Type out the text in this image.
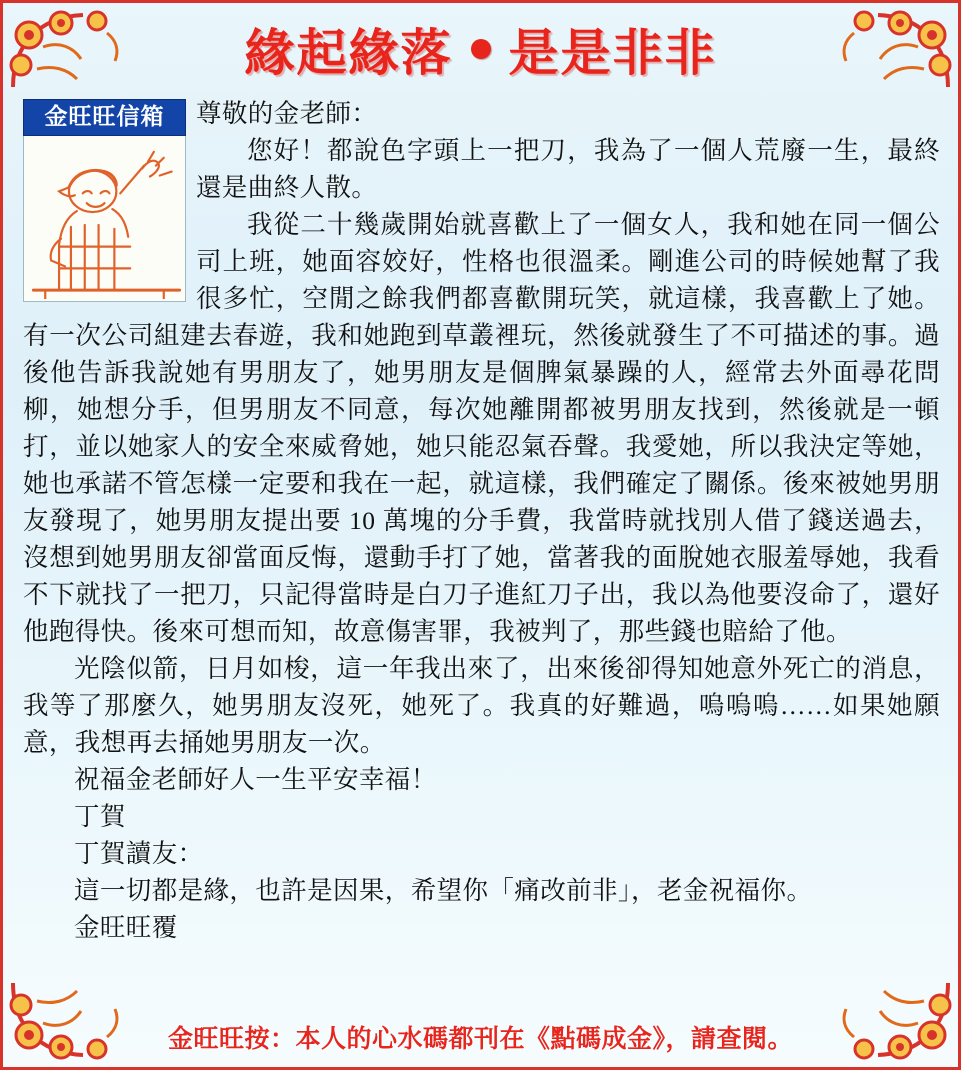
緣起緣落 是是非非
金旺旺信箱	尊敬的金老師：

您好！都說色字頭上一把刀，我為了一個人荒廢一生，最終還是曲終人散。

我從二十幾歲開始就喜歡上了一個女人，我和她在同一個公司上班，她面容姣好，性格也很溫柔。剛進公司的時候她幫了我很多忙，空閒之餘我們都喜歡開玩笑，就這樣，我喜歡上了她。有一次公司組建去春遊，我和她跑到草叢裡玩，然後就發生了不可描述的事。過後他告訴我說她有男朋友了，她男朋友是個脾氣暴躁的人，經常去外面尋花問柳，她想分手，但男朋友不同意，每次她離開都被男朋友找到，然後就是一頓打，並以她家人的安全來威脅她，她只能忍氣吞聲。我愛她，所以我決定等她，她也承諾不管怎樣一定要和我在一起，就這樣，我們確定了關係。後來被她男朋友發現了，她男朋友提出要 10 萬塊的分手費，我當時就找別人借了錢送過去，沒想到她男朋友卻當面反悔，還動手打了她，當著我的面脫她衣服羞辱她，我看不下就找了一把刀，只記得當時是白刀子進紅刀子出，我以為他要沒命了，還好他跑得快。後來可想而知，故意傷害罪，我被判了，那些錢也賠給了他。

光陰似箭，日月如梭，這一年我出來了，出來後卻得知她意外死亡的消息，我等了那麼久，她男朋友沒死，她死了。我真的好難過，嗚嗚嗚……如果她願意，我想再去捅她男朋友一次。

祝福金老師好人一生平安幸福！

丁賀

丁賀讀友：

這一切都是緣，也許是因果，希望你「痛改前非」，老金祝福你。

金旺旺覆

金旺旺按：本人的心水碼都刊在《點碼成金》，請查閱。
